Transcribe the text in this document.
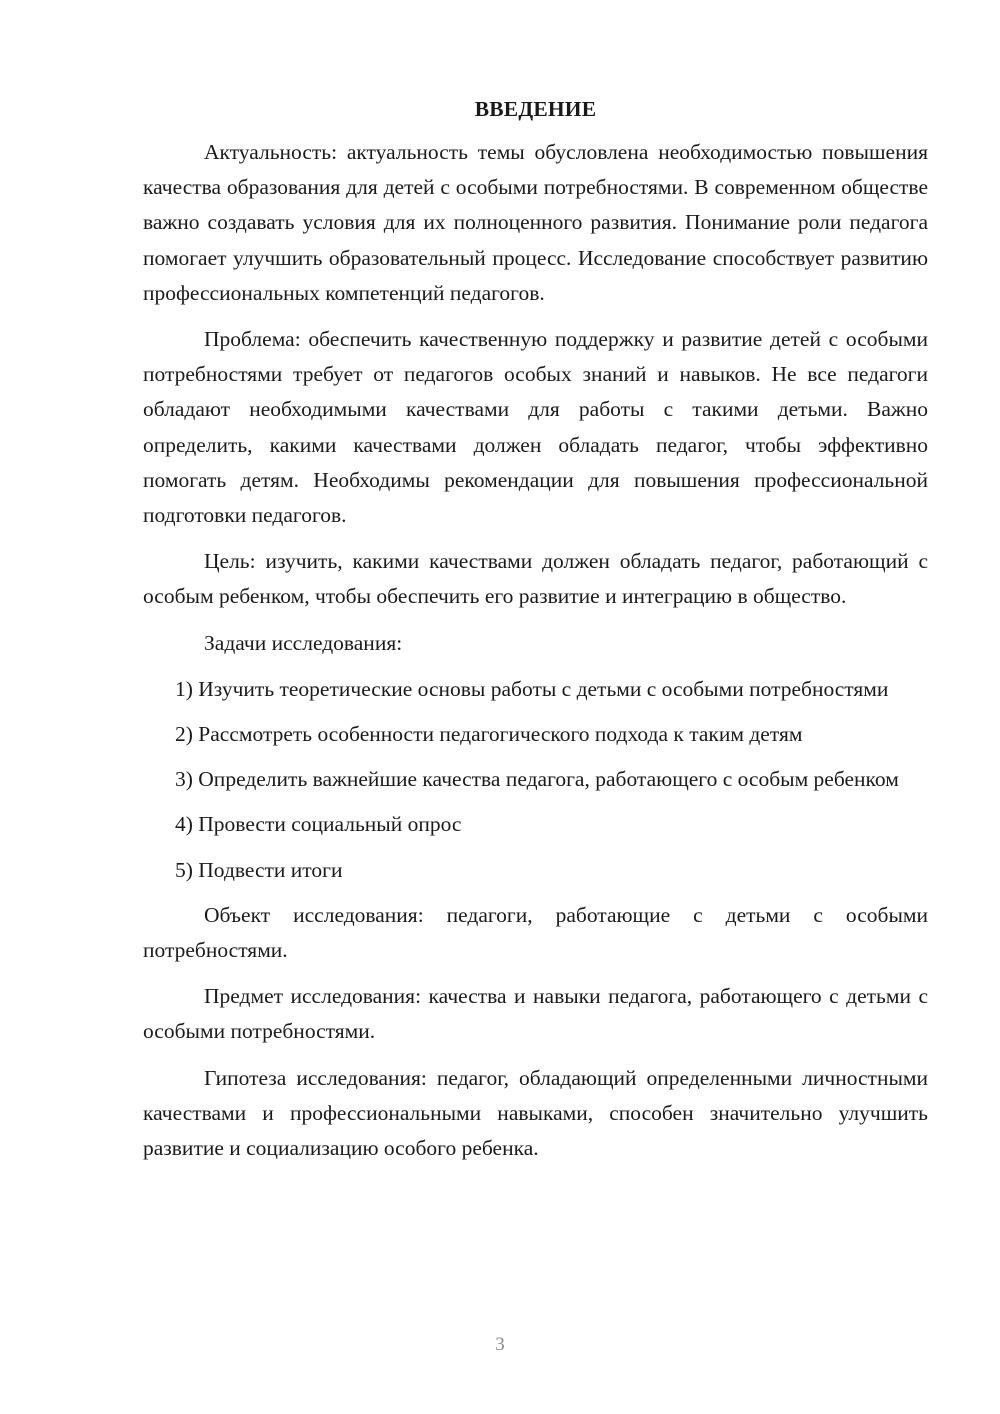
ВВЕДЕНИЕ

Актуальность: актуальность темы обусловлена необходимостью повышения качества образования для детей с особыми потребностями. В современном обществе важно создавать условия для их полноценного развития. Понимание роли педагога помогает улучшить образовательный процесс. Исследование способствует развитию профессиональных компетенций педагогов.

Проблема: обеспечить качественную поддержку и развитие детей с особыми потребностями требует от педагогов особых знаний и навыков. Не все педагоги обладают необходимыми качествами для работы с такими детьми. Важно определить, какими качествами должен обладать педагог, чтобы эффективно помогать детям. Необходимы рекомендации для повышения профессиональной подготовки педагогов.

Цель: изучить, какими качествами должен обладать педагог, работающий с особым ребенком, чтобы обеспечить его развитие и интеграцию в общество.

Задачи исследования:

1) Изучить теоретические основы работы с детьми с особыми потребностями

2) Рассмотреть особенности педагогического подхода к таким детям

3) Определить важнейшие качества педагога, работающего с особым ребенком

4) Провести социальный опрос

5) Подвести итоги

Объект исследования: педагоги, работающие с детьми с особыми потребностями.

Предмет исследования: качества и навыки педагога, работающего с детьми с особыми потребностями.

Гипотеза исследования: педагог, обладающий определенными личностными качествами и профессиональными навыками, способен значительно улучшить развитие и социализацию особого ребенка.

3
